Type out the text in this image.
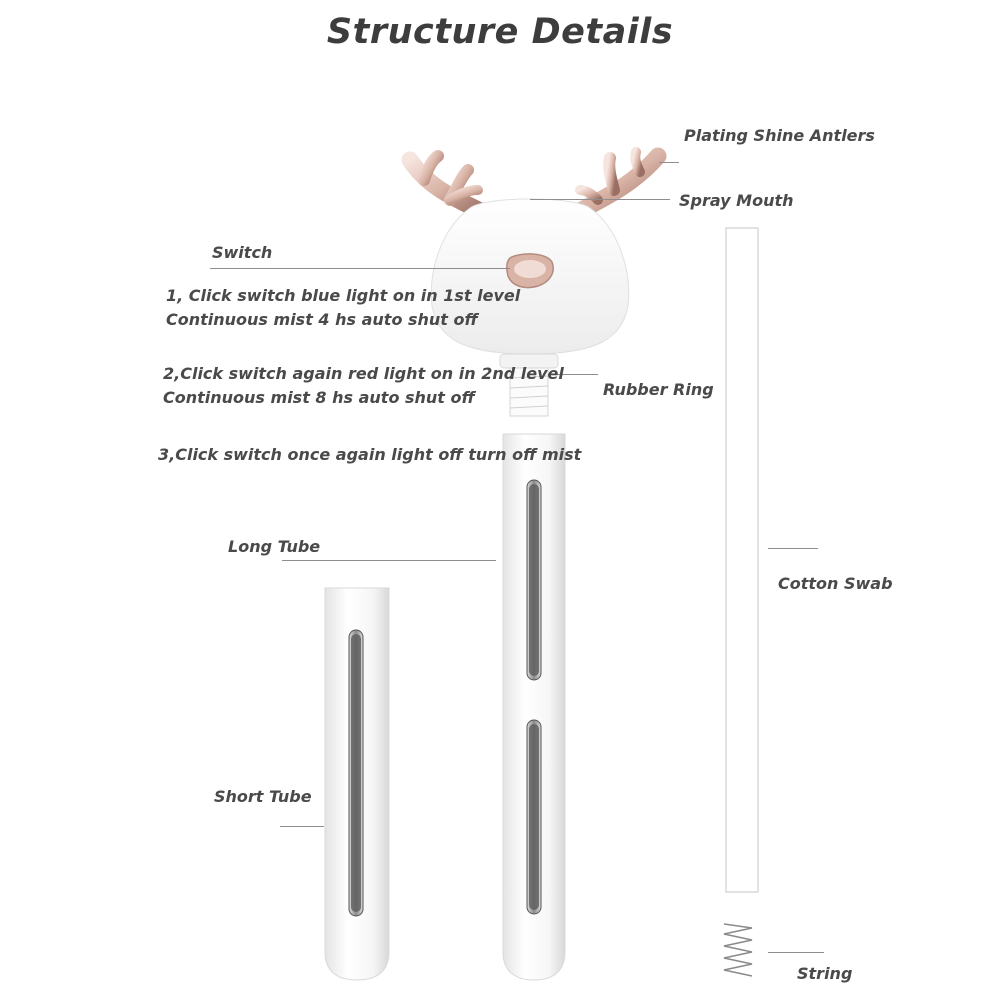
Structure Details
Plating Shine Antlers
Spray Mouth
Switch
1, Click switch blue light on in 1st level
Continuous mist 4 hs auto shut off
2,Click switch again red light on in 2nd level
Continuous mist 8 hs auto shut off	Rubber Ring
3,Click switch once again light off turn off mist
Long Tube
Cotton Swab
Short Tube
String
